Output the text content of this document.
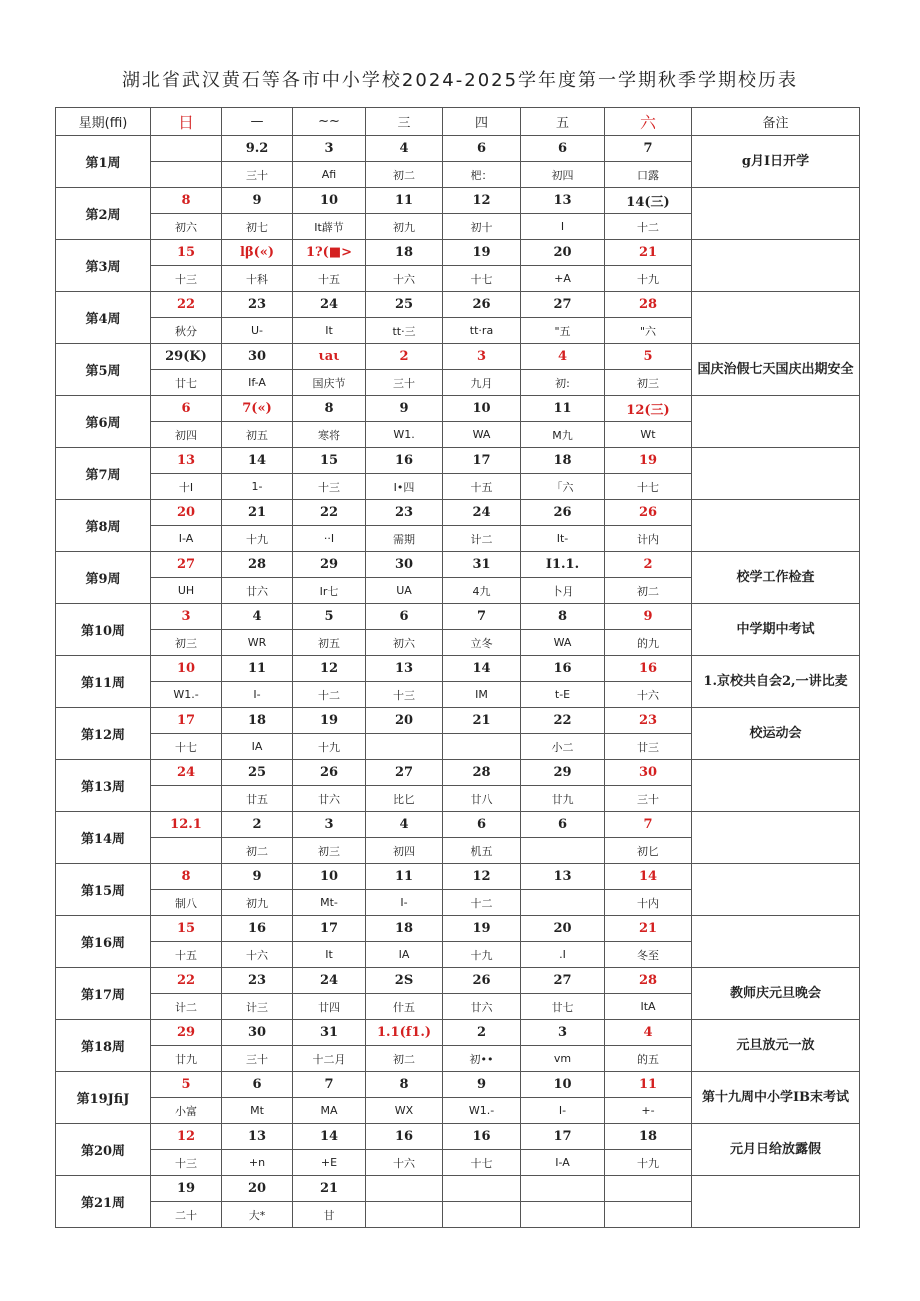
湖北省武汉黄石等各市中小学校2024-2025学年度第一学期秋季学期校历表
星期(ffi)	日	—	~~	三	四	五	六	备注
第1周		9.2	3	4	6	6	7	g月I日开学
		三十	Afi	初二	杷：	初四	口露	
第2周	8	9	10	11	12	13	14(三)	
	初六	初七	It薜节	初九	初十	I	十二	
第3周	15	lβ(«)	1?(■>	18	19	20	21	
	十三	十科	十五	十六	十七	+A	十九	
第4周	22	23	24	25	26	27	28	
	秋分	U-	It	tt·三	tt·ra	"五	"六	
第5周	29(K)	30	ιaι	2	3	4	5	国庆治假七天国庆出期安全
	廿七	If-A	国庆节	三十	九月	初:	初三	
第6周	6	7(«)	8	9	10	11	12(三)	
	初四	初五	寒将	W1.	WA	M九	Wt	
第7周	13	14	15	16	17	18	19	
	十I	1-	十三	I•四	十五	「六	十七	
第8周	20	21	22	23	24	26	26	
	I-A	十九	··I	需期	计二	It-	计内	
第9周	27	28	29	30	31	I1.1.	2	校学工作检査
	UH	廿六	Ir七	UA	4九	卜月	初二	
第10周	3	4	5	6	7	8	9	中学期中考试
	初三	WR	初五	初六	立冬	WA	的九	
第11周	10	11	12	13	14	16	16	1.京校共自会2,一讲比麦
	W1.-	I-	十二	十三	IM	t-E	十六	
第12周	17	18	19	20	21	22	23	校运动会
	十七	IA	十九			小二	廿三	
第13周	24	25	26	27	28	29	30	
		廿五	廿六	比匕	廿八	廿九	三十	
第14周	12.1	2	3	4	6	6	7	
		初二	初三	初四	机五		初匕	
第15周	8	9	10	11	12	13	14	
	制八	初九	Mt-	I-	十二		十内	
第16周	15	16	17	18	19	20	21	
	十五	十六	It	IA	十九	.I	冬至	
第17周	22	23	24	2S	26	27	28	教师庆元旦晚会
	计二	计三	廿四	什五	廿六	廿七	ItA	
第18周	29	30	31	1.1(f1.)	2	3	4	元旦放元一放
	廿九	三十	十二月	初二	初••	vm	的五	
第19JfiJ	5	6	7	8	9	10	11	第十九周中小学IB末考试
	小富	Mt	MA	WX	W1.-	I-	+-	
第20周	12	13	14	16	16	17	18	元月日给放露假
	十三	+n	+E	十六	十七	I-A	十九	
第21周	19	20	21					
	二十	大*	甘					
